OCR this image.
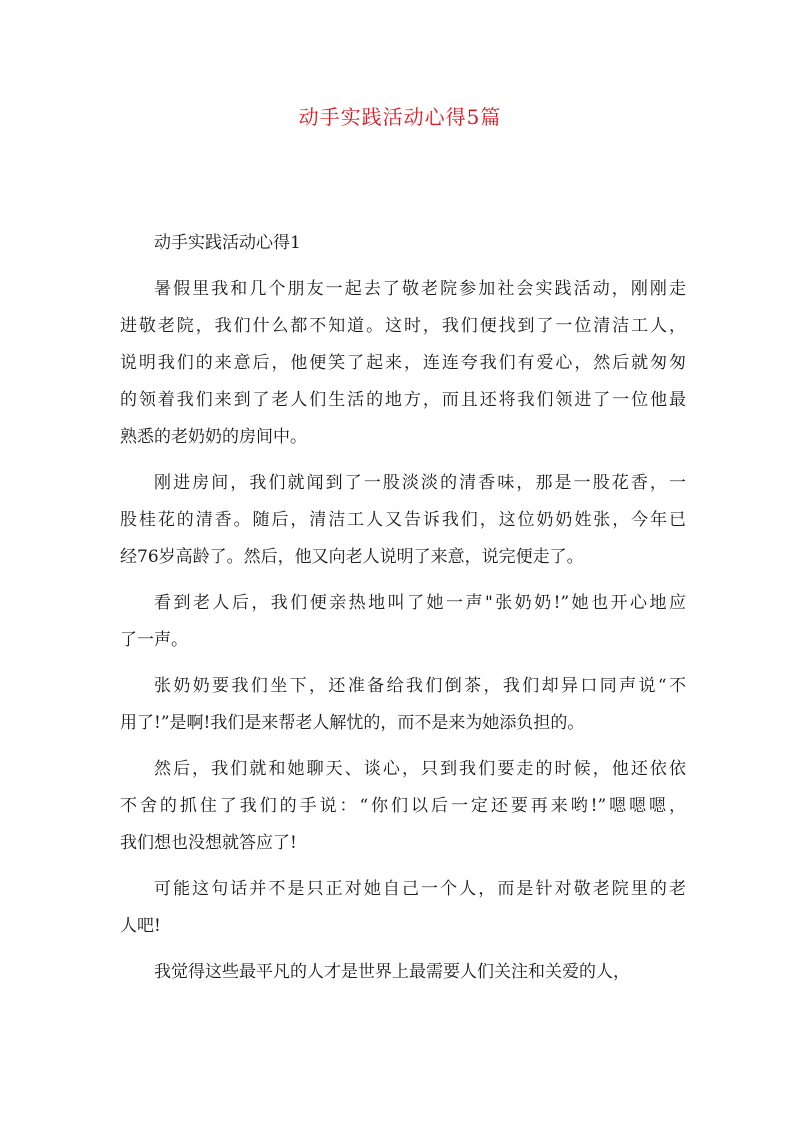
动手实践活动心得5篇
动手实践活动心得1

暑假里我和几个朋友一起去了敬老院参加社会实践活动，刚刚走
进敬老院，我们什么都不知道。这时，我们便找到了一位清洁工人，
说明我们的来意后，他便笑了起来，连连夸我们有爱心，然后就匆匆
的领着我们来到了老人们生活的地方，而且还将我们领进了一位他最
熟悉的老奶奶的房间中。

刚进房间，我们就闻到了一股淡淡的清香味，那是一股花香，一
股桂花的清香。随后，清洁工人又告诉我们，这位奶奶姓张，今年已
经76岁高龄了。然后，他又向老人说明了来意，说完便走了。

看到老人后，我们便亲热地叫了她一声"张奶奶!”她也开心地应
了一声。

张奶奶要我们坐下，还准备给我们倒茶，我们却异口同声说“不
用了!”是啊!我们是来帮老人解忧的，而不是来为她添负担的。

然后，我们就和她聊天、谈心，只到我们要走的时候，他还依依
不舍的抓住了我们的手说：“你们以后一定还要再来哟!”嗯嗯嗯，
我们想也没想就答应了!

可能这句话并不是只正对她自己一个人，而是针对敬老院里的老
人吧!

我觉得这些最平凡的人才是世界上最需要人们关注和关爱的人，
